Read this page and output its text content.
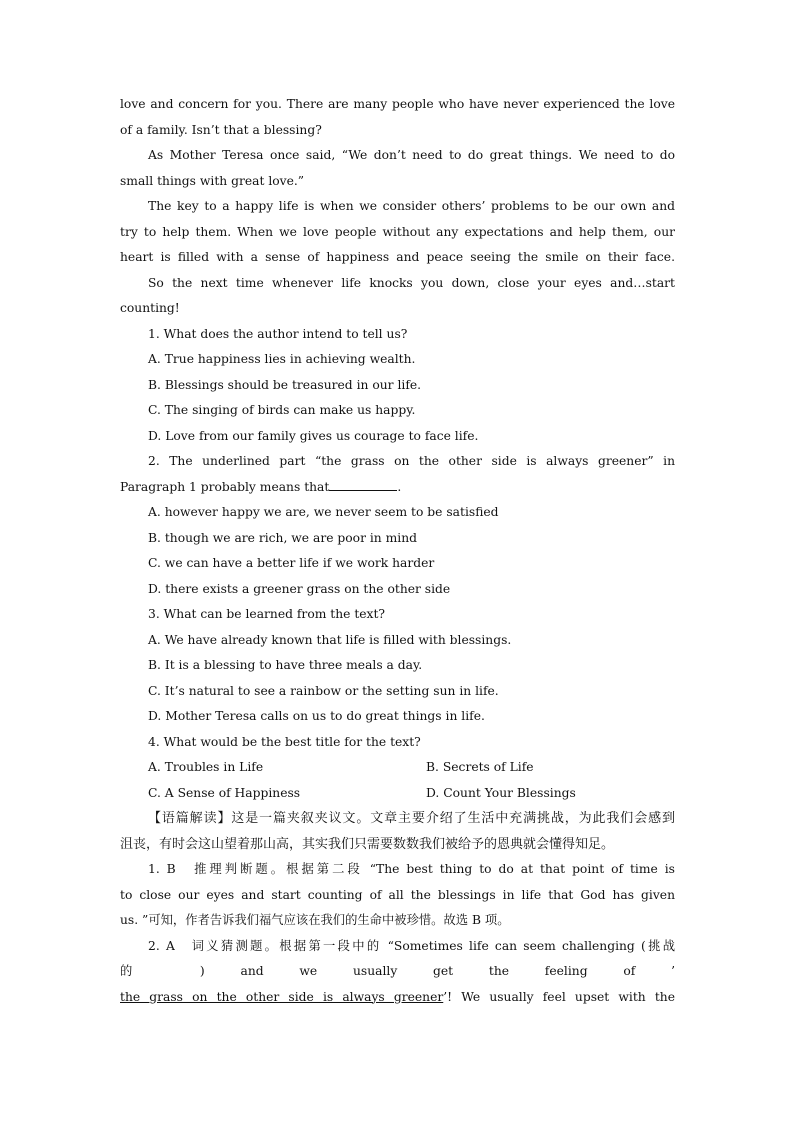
love and concern for you. There are many people who have never experienced the love
of a family. Isn’t that a blessing?
As Mother Teresa once said, “We don’t need to do great things. We need to do
small things with great love.”
The key to a happy life is when we consider others’ problems to be our own and
try to help them. When we love people without any expectations and help them, our
heart is filled with a sense of happiness and peace seeing the smile on their face.
So the next time whenever life knocks you down, close your eyes and…start
counting!
1. What does the author intend to tell us?
A. True happiness lies in achieving wealth.
B. Blessings should be treasured in our life.
C. The singing of birds can make us happy.
D. Love from our family gives us courage to face life.
2. The underlined part “the grass on the other side is always greener” in
Paragraph 1 probably means that	.
A. however happy we are, we never seem to be satisfied
B. though we are rich, we are poor in mind
C. we can have a better life if we work harder
D. there exists a greener grass on the other side
3. What can be learned from the text?
A. We have already known that life is filled with blessings.
B. It is a blessing to have three meals a day.
C. It’s natural to see a rainbow or the setting sun in life.
D. Mother Teresa calls on us to do great things in life.
4. What would be the best title for the text?
A. Troubles in Life	B. Secrets of Life
C. A Sense of Happiness	D. Count Your Blessings
【语篇解读】这是一篇夹叙夹议文。文章主要介绍了生活中充满挑战，为此我们会感到
沮丧，有时会这山望着那山高，其实我们只需要数数我们被给予的恩典就会懂得知足。
1. B　推理判断题。根据第二段 “The best thing to do at that point of time is
to close our eyes and start counting of all the blessings in life that God has given
us. ”可知，作者告诉我们福气应该在我们的生命中被珍惜。故选 B 项。
2. A　词义猜测题。根据第一段中的 “Sometimes life can seem challenging (挑战
的	)	and	we	usually	get	the	feeling	of	’
the grass on the other side is always greener’! We usually feel upset with the
